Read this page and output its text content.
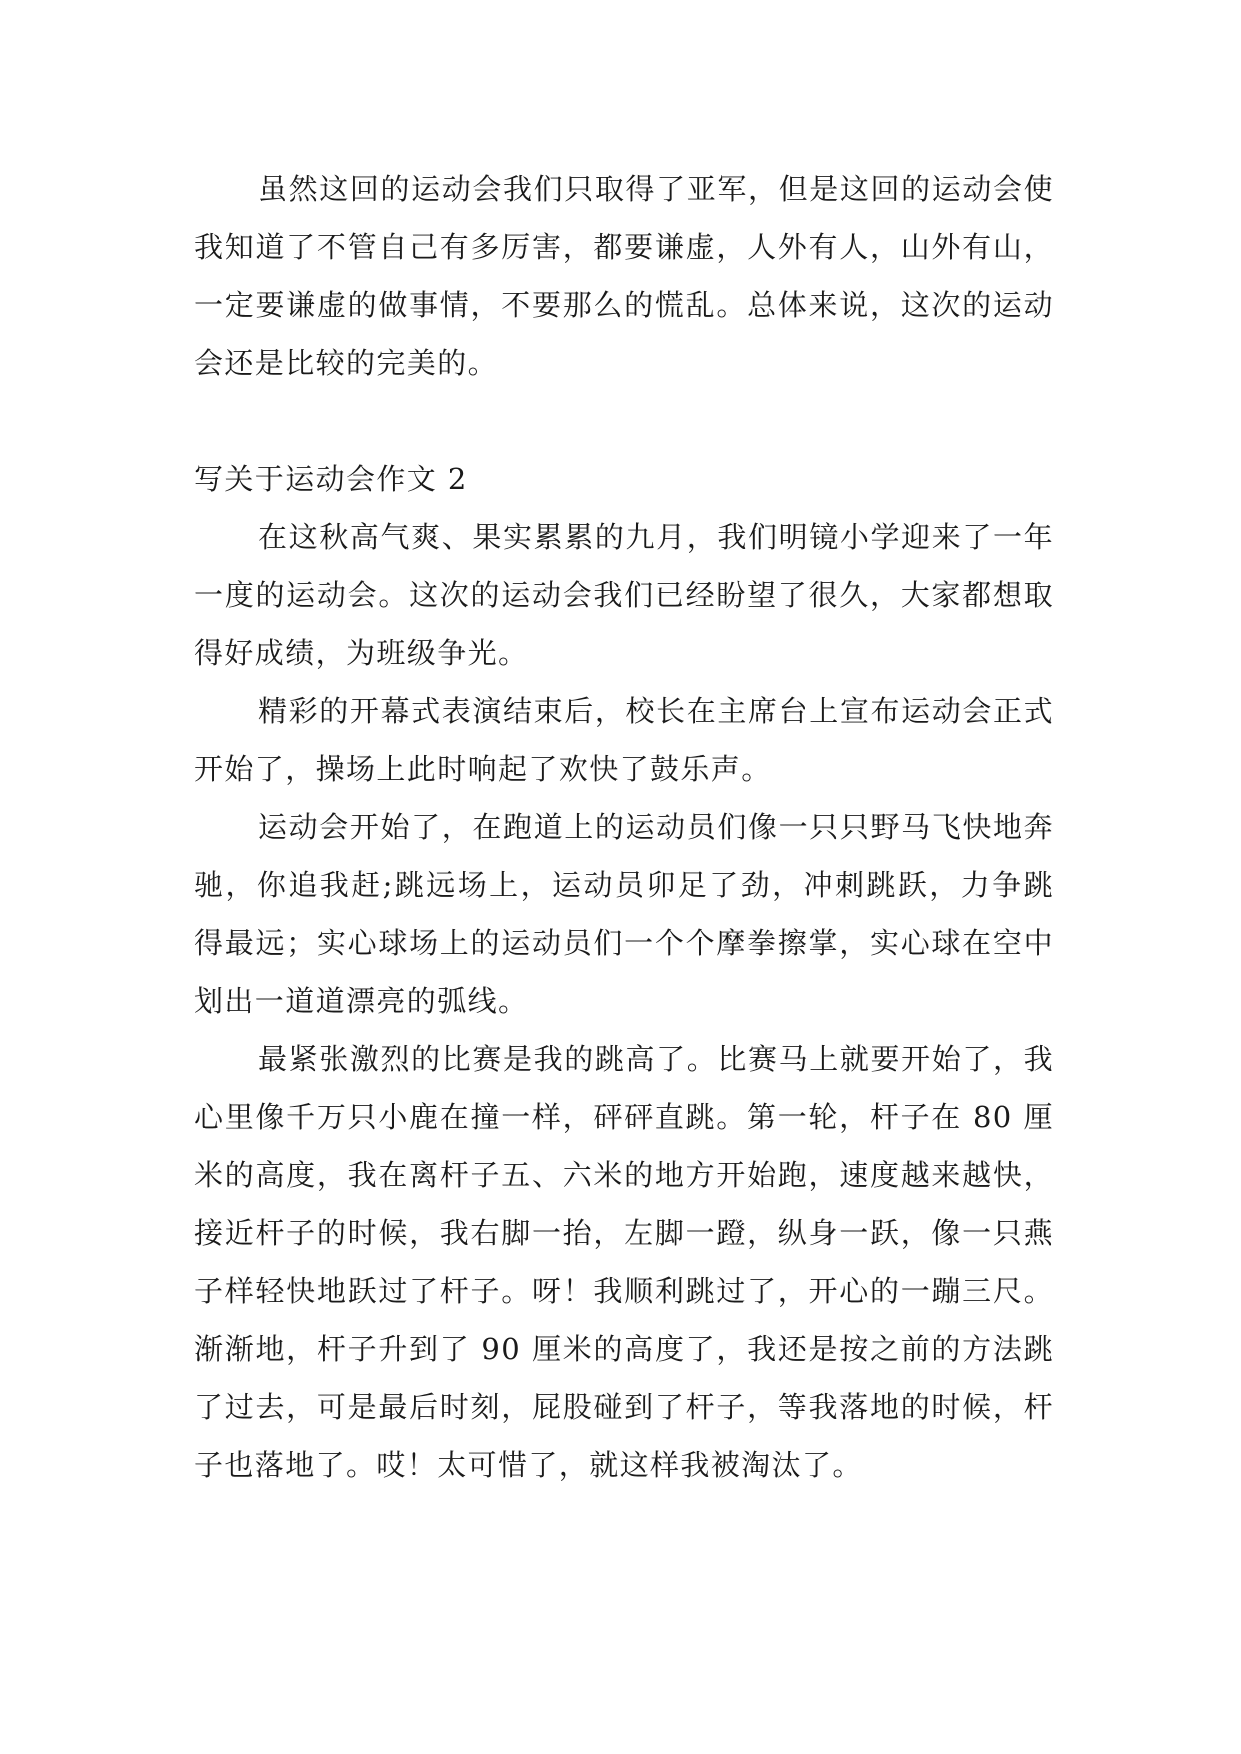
虽然这回的运动会我们只取得了亚军，但是这回的运动会使我知道了不管自己有多厉害，都要谦虚，人外有人，山外有山，一定要谦虚的做事情，不要那么的慌乱。总体来说，这次的运动会还是比较的完美的。

写关于运动会作文 2

在这秋高气爽、果实累累的九月，我们明镜小学迎来了一年一度的运动会。这次的运动会我们已经盼望了很久，大家都想取得好成绩，为班级争光。

精彩的开幕式表演结束后，校长在主席台上宣布运动会正式开始了，操场上此时响起了欢快了鼓乐声。

运动会开始了，在跑道上的运动员们像一只只野马飞快地奔驰，你追我赶;跳远场上，运动员卯足了劲，冲刺跳跃，力争跳得最远；实心球场上的运动员们一个个摩拳擦掌，实心球在空中划出一道道漂亮的弧线。

最紧张激烈的比赛是我的跳高了。比赛马上就要开始了，我心里像千万只小鹿在撞一样，砰砰直跳。第一轮，杆子在 80 厘米的高度，我在离杆子五、六米的地方开始跑，速度越来越快，接近杆子的时候，我右脚一抬，左脚一蹬，纵身一跃，像一只燕子样轻快地跃过了杆子。呀！我顺利跳过了，开心的一蹦三尺。渐渐地，杆子升到了 90 厘米的高度了，我还是按之前的方法跳了过去，可是最后时刻，屁股碰到了杆子，等我落地的时候，杆子也落地了。哎！太可惜了，就这样我被淘汰了。
